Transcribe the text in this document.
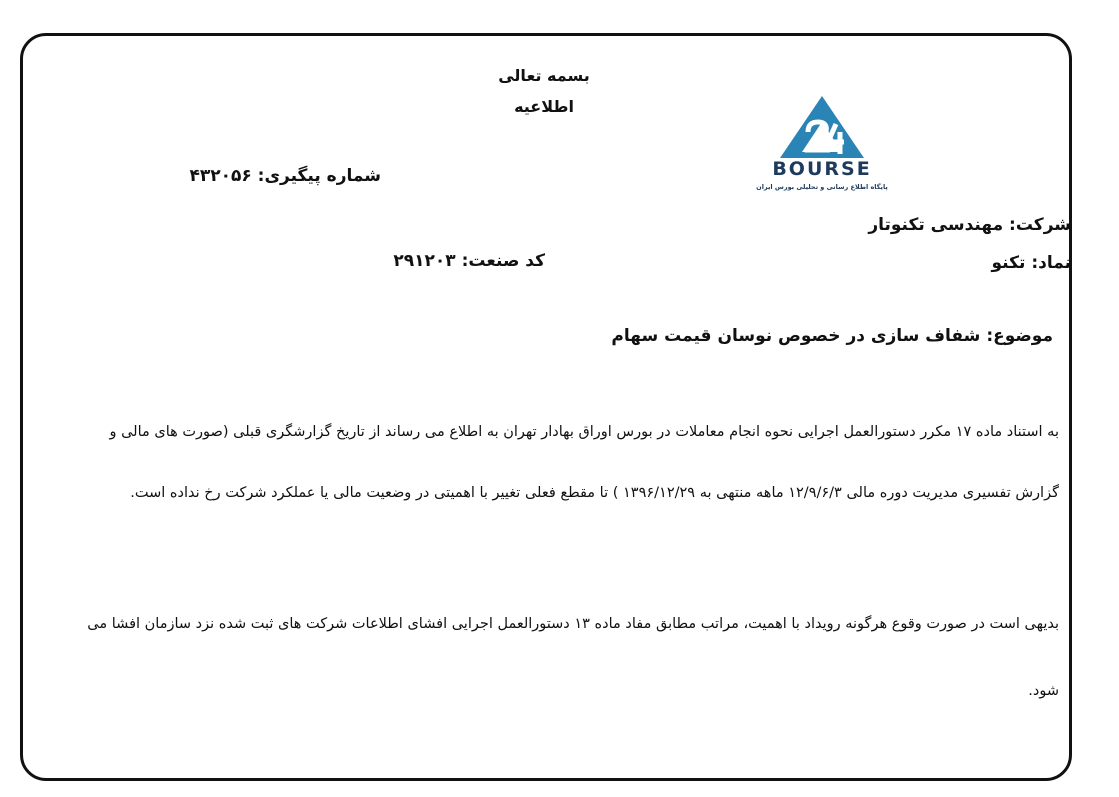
بسمه تعالی
اطلاعیه
BOURSE
پایگاه اطلاع رسانی و تحلیلی بورس ایران
شماره پیگیری: ۴۳۲۰۵۶
شرکت: مهندسی تکنوتار
نماد: تکنو
کد صنعت: ۲۹۱۲۰۳
موضوع: شفاف سازی در خصوص نوسان قیمت سهام
به استناد ماده ۱۷ مکرر دستورالعمل اجرایی نحوه انجام معاملات در بورس اوراق بهادار تهران به اطلاع می رساند از تاریخ گزارشگری قبلی (صورت های مالی و
گزارش تفسیری مدیریت دوره مالی ۱۲/۹/۶/۳ ماهه منتهی به ۱۳۹۶/۱۲/۲۹ ) تا مقطع فعلی تغییر با اهمیتی در وضعیت مالی یا عملکرد شرکت رخ نداده است.
بدیهی است در صورت وقوع هرگونه رویداد با اهمیت، مراتب مطابق مفاد ماده ۱۳ دستورالعمل اجرایی افشای اطلاعات شرکت های ثبت شده نزد سازمان افشا می
شود.
